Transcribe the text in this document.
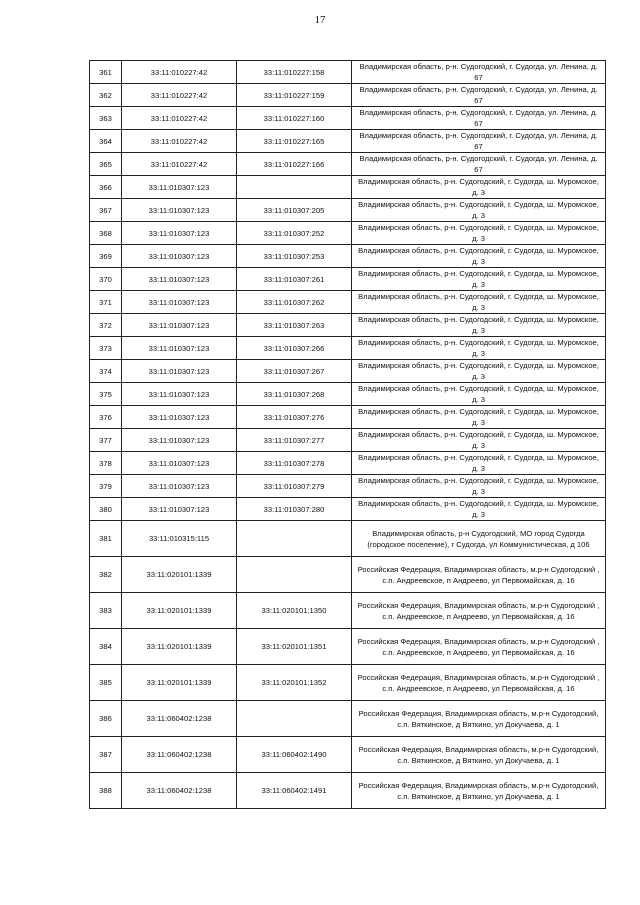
17
361	33:11:010227:42	33:11:010227:158	Владимирская область, р-н. Судогодский, г. Судогда, ул. Ленина, д. 67
362	33:11:010227:42	33:11:010227:159	Владимирская область, р-н. Судогодский, г. Судогда, ул. Ленина, д. 67
363	33:11:010227:42	33:11:010227:160	Владимирская область, р-н. Судогодский, г. Судогда, ул. Ленина, д. 67
364	33:11:010227:42	33:11:010227:165	Владимирская область, р-н. Судогодский, г. Судогда, ул. Ленина, д. 67
365	33:11:010227:42	33:11:010227:166	Владимирская область, р-н. Судогодский, г. Судогда, ул. Ленина, д. 67
366	33:11:010307:123		Владимирская область, р-н. Судогодский, г. Судогда, ш. Муромское, д. 3
367	33:11:010307:123	33:11:010307:205	Владимирская область, р-н. Судогодский, г. Судогда, ш. Муромское, д. 3
368	33:11:010307:123	33:11:010307:252	Владимирская область, р-н. Судогодский, г. Судогда, ш. Муромское, д. 3
369	33:11:010307:123	33:11:010307:253	Владимирская область, р-н. Судогодский, г. Судогда, ш. Муромское, д. 3
370	33:11:010307:123	33:11:010307:261	Владимирская область, р-н. Судогодский, г. Судогда, ш. Муромское, д. 3
371	33:11:010307:123	33:11:010307:262	Владимирская область, р-н. Судогодский, г. Судогда, ш. Муромское, д. 3
372	33:11:010307:123	33:11:010307:263	Владимирская область, р-н. Судогодский, г. Судогда, ш. Муромское, д. 3
373	33:11:010307:123	33:11:010307:266	Владимирская область, р-н. Судогодский, г. Судогда, ш. Муромское, д. 3
374	33:11:010307:123	33:11:010307:267	Владимирская область, р-н. Судогодский, г. Судогда, ш. Муромское, д. 3
375	33:11:010307:123	33:11:010307:268	Владимирская область, р-н. Судогодский, г. Судогда, ш. Муромское, д. 3
376	33:11:010307:123	33:11:010307:276	Владимирская область, р-н. Судогодский, г. Судогда, ш. Муромское, д. 3
377	33:11:010307:123	33:11:010307:277	Владимирская область, р-н. Судогодский, г. Судогда, ш. Муромское, д. 3
378	33:11:010307:123	33:11:010307:278	Владимирская область, р-н. Судогодский, г. Судогда, ш. Муромское, д. 3
379	33:11:010307:123	33:11:010307:279	Владимирская область, р-н. Судогодский, г. Судогда, ш. Муромское, д. 3
380	33:11:010307:123	33:11:010307:280	Владимирская область, р-н. Судогодский, г. Судогда, ш. Муромское, д. 3
381	33:11:010315:115		Владимирская область, р-н Судогодский, МО город Судогда (городское поселение), г Судогда, ул Коммунистическая, д 106
382	33:11:020101:1339		Российская Федерация, Владимирская область, м.р-н Судогодский , с.п. Андреевское, п Андреево, ул Первомайская, д. 16
383	33:11:020101:1339	33:11:020101:1350	Российская Федерация, Владимирская область, м.р-н Судогодский , с.п. Андреевское, п Андреево, ул Первомайская, д. 16
384	33:11:020101:1339	33:11:020101:1351	Российская Федерация, Владимирская область, м.р-н Судогодский , с.п. Андреевское, п Андреево, ул Первомайская, д. 16
385	33:11:020101:1339	33:11:020101:1352	Российская Федерация, Владимирская область, м.р-н Судогодский , с.п. Андреевское, п Андреево, ул Первомайская, д. 16
386	33:11:060402:1238		Российская Федерация, Владимирская область, м.р-н Судогодский, с.п. Вяткинское, д Вяткино, ул Докучаева, д. 1
387	33:11:060402:1238	33:11:060402:1490	Российская Федерация, Владимирская область, м.р-н Судогодский, с.п. Вяткинское, д Вяткино, ул Докучаева, д. 1
388	33:11:060402:1238	33:11:060402:1491	Российская Федерация, Владимирская область, м.р-н Судогодский, с.п. Вяткинское, д Вяткино, ул Докучаева, д. 1
